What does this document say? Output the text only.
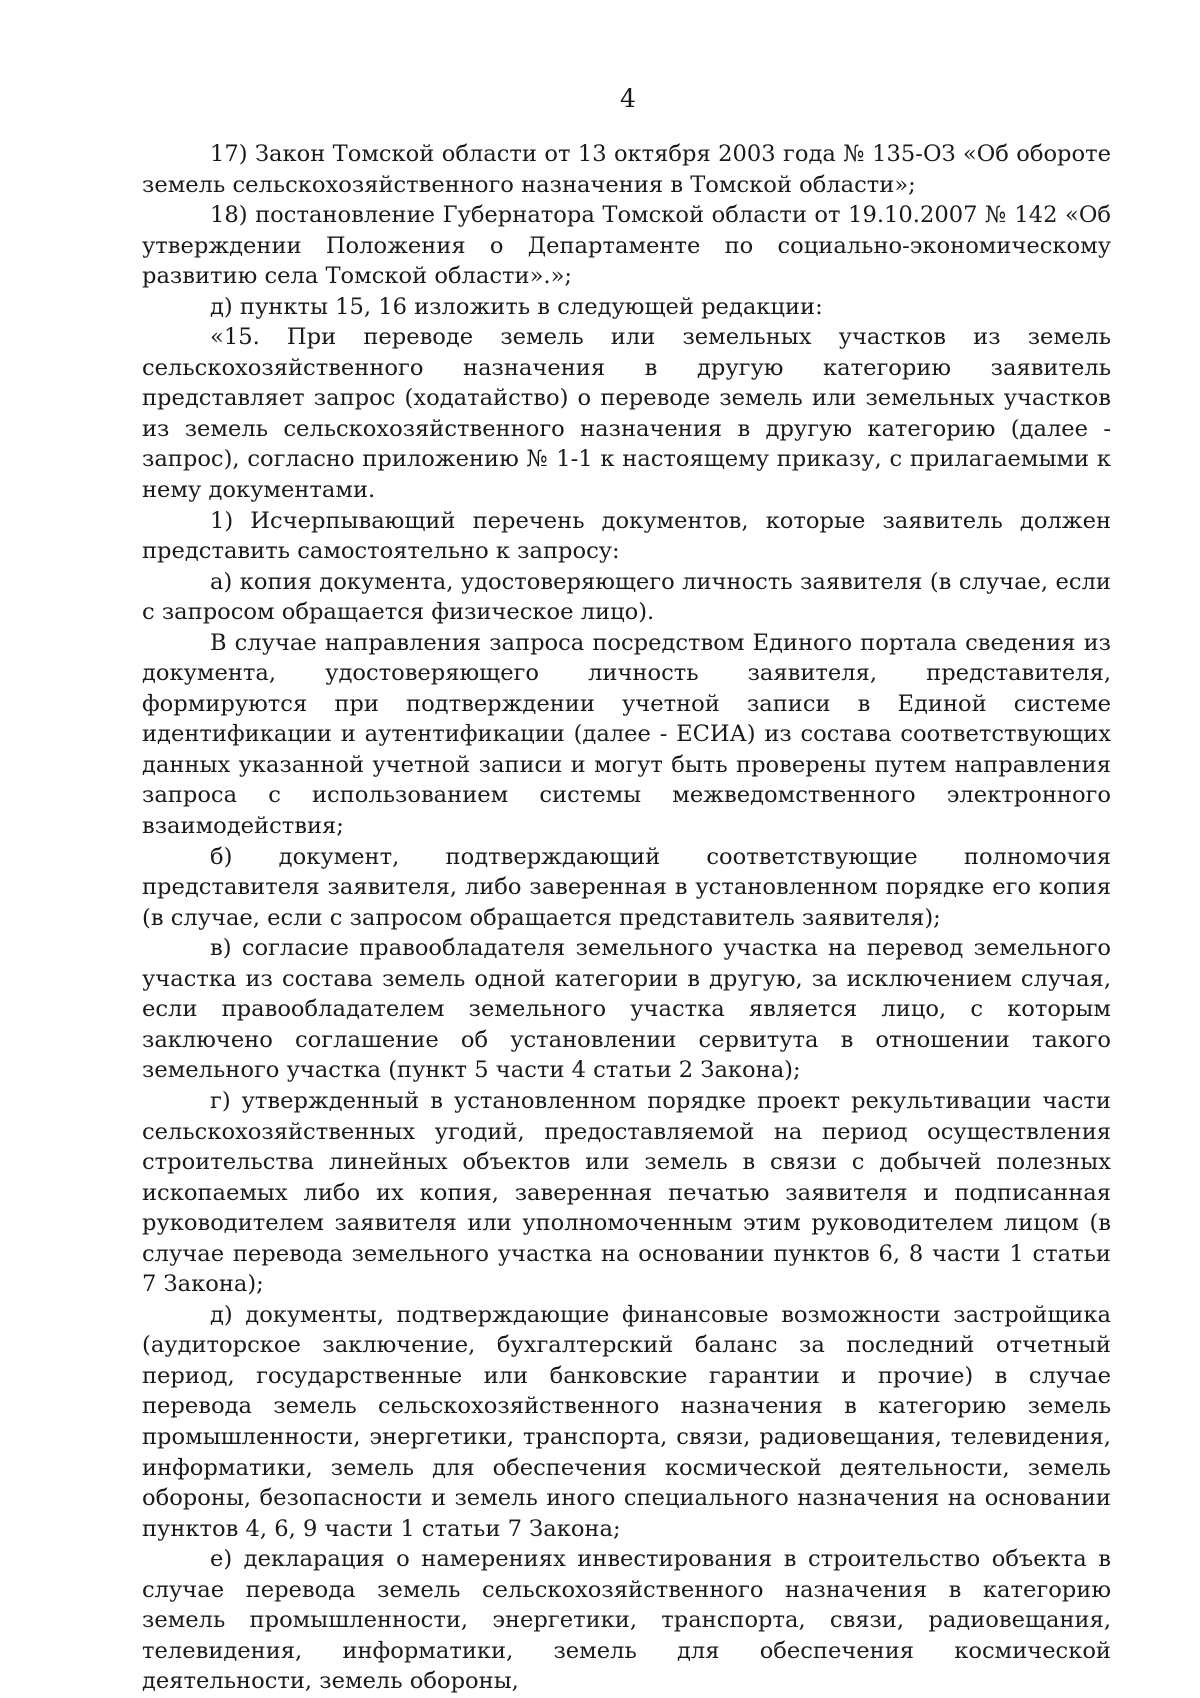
4

17) Закон Томской области от 13 октября 2003 года № 135-ОЗ «Об обороте земель сельскохозяйственного назначения в Томской области»;

18) постановление Губернатора Томской области от 19.10.2007 № 142 «Об утверждении Положения о Департаменте по социально-экономическому развитию села Томской области».»;

д) пункты 15, 16 изложить в следующей редакции:

«15. При переводе земель или земельных участков из земель сельскохозяйственного назначения в другую категорию заявитель представляет запрос (ходатайство) о переводе земель или земельных участков из земель сельскохозяйственного назначения в другую категорию (далее - запрос), согласно приложению № 1-1 к настоящему приказу, с прилагаемыми к нему документами.

1) Исчерпывающий перечень документов, которые заявитель должен представить самостоятельно к запросу:

а) копия документа, удостоверяющего личность заявителя (в случае, если с запросом обращается физическое лицо).

В случае направления запроса посредством Единого портала сведения из документа, удостоверяющего личность заявителя, представителя, формируются при подтверждении учетной записи в Единой системе идентификации и аутентификации (далее - ЕСИА) из состава соответствующих данных указанной учетной записи и могут быть проверены путем направления запроса с использованием системы межведомственного электронного взаимодействия;

б) документ, подтверждающий соответствующие полномочия представителя заявителя, либо заверенная в установленном порядке его копия (в случае, если с запросом обращается представитель заявителя);

в) согласие правообладателя земельного участка на перевод земельного участка из состава земель одной категории в другую, за исключением случая, если правообладателем земельного участка является лицо, с которым заключено соглашение об установлении сервитута в отношении такого земельного участка (пункт 5 части 4 статьи 2 Закона);

г) утвержденный в установленном порядке проект рекультивации части сельскохозяйственных угодий, предоставляемой на период осуществления строительства линейных объектов или земель в связи с добычей полезных ископаемых либо их копия, заверенная печатью заявителя и подписанная руководителем заявителя или уполномоченным этим руководителем лицом (в случае перевода земельного участка на основании пунктов 6, 8 части 1 статьи 7 Закона);

д) документы, подтверждающие финансовые возможности застройщика (аудиторское заключение, бухгалтерский баланс за последний отчетный период, государственные или банковские гарантии и прочие) в случае перевода земель сельскохозяйственного назначения в категорию земель промышленности, энергетики, транспорта, связи, радиовещания, телевидения, информатики, земель для обеспечения космической деятельности, земель обороны, безопасности и земель иного специального назначения на основании пунктов 4, 6, 9 части 1 статьи 7 Закона;

е) декларация о намерениях инвестирования в строительство объекта в случае перевода земель сельскохозяйственного назначения в категорию земель промышленности, энергетики, транспорта, связи, радиовещания, телевидения, информатики, земель для обеспечения космической деятельности, земель обороны,
